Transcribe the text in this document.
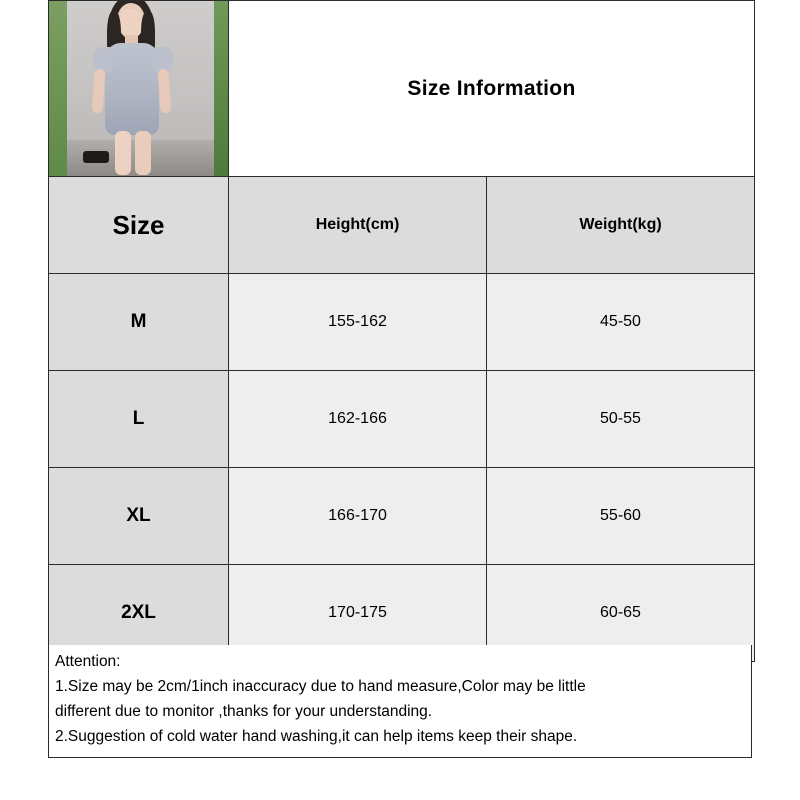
	Size Information	
Size	Height(cm)	Weight(kg)
M	155-162	45-50
L	162-166	50-55
XL	166-170	55-60
2XL	170-175	60-65

Attention:

1.Size may be 2cm/1inch inaccuracy due to hand measure,Color may be little

different due to monitor ,thanks for your understanding.

2.Suggestion of cold water hand washing,it can help items keep their shape.
